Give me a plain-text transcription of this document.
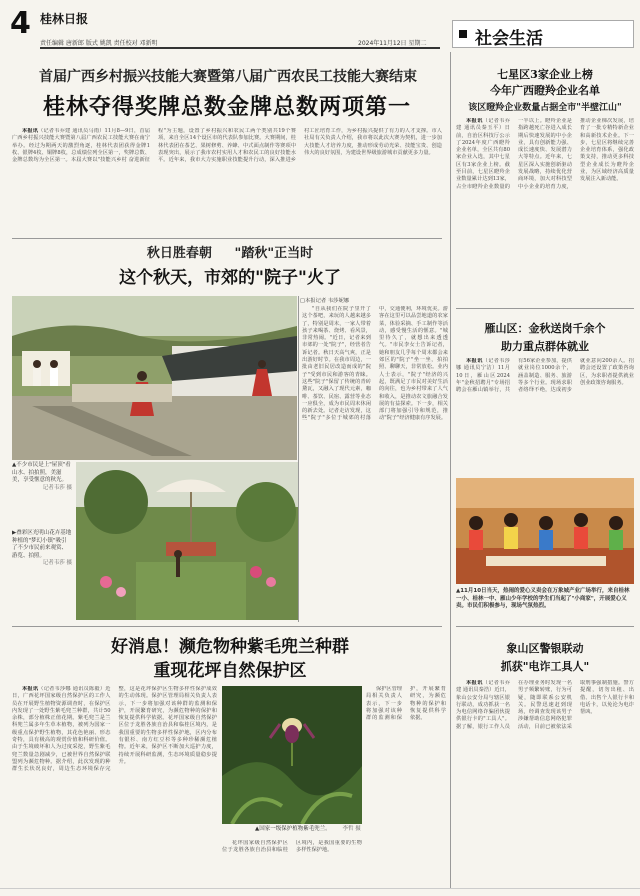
4 桂林日报
责任编辑 唐新郎 版式 姚凯 责任校对 邓新明	2024年11月12日 星期二	社会生活
首届广西乡村振兴技能大赛暨第八届广西农民工技能大赛结束
桂林夺得奖牌总数金牌总数两项第一

本报讯（记者韦乔建 通讯员马雨）11月8—9日，首届广西乡村振兴技能大赛暨第八届广西农民工技能大赛在南宁举办。经过为期两天的激烈角逐，桂林代表团获得金牌1枚、银牌4枚、铜牌8枚，总成绩位列全区第一，奖牌总数、金牌总数均为全区第一。本届大赛以"技能兴乡村 奋进新征程"为主题，设置了乡村振兴和农民工两个类别共19个赛项，来自全区14个设区市的代表队参加比赛。大赛期间，桂林代表团在茶艺、果树修剪、养蜂、中式面点制作等赛项中表现突出，展示了我市农村实用人才和农民工的良好技能水平。近年来，我市大力实施职业技能提升行动，深入推进乡村工匠培育工作，为乡村振兴提供了有力的人才支撑。市人社局有关负责人介绍，我市将以此次大赛为契机，进一步加大技能人才培养力度，推动形成劳动光荣、技能宝贵、创造伟大的良好氛围，为建设世界级旅游城市贡献更多力量。

秋日胜春朝 "踏秋"正当时
这个秋天，市郊的"院子"火了
▲不少市民是上"屋顶"看山水、拍拍照，美滋美，享受惬意的秋光。
记者韦莎 摄
▶叠彩区光明山花卉基地种植的"梦幻小镇"吸引了不少市民前来观赏、游览、拍照。
记者韦莎 摄
□本报记者 韦莎妮娜

"自从我们在院子里开了这个茶吧，来玩的人越来越多了，特别是周末，一家人带着孩子来喝茶、烧烤、看风景，非常热闹。"近日，记者来到市郊的一处"院子"，经营者告诉记者。秋日天高气爽，正是出游好时节。在我市周边，一批由老旧民居改造而成的"院子"受到市民和游客的青睐。这些"院子"保留了传统的青砖黛瓦，又融入了现代元素，咖啡、茶饮、民宿、露营等业态一应俱全，成为市民周末休闲的新去处。记者走访发现，这些"院子"多位于城郊的村落中，交通便利，环境优美。游客在这里可以品尝地道的农家菜，体验采摘、手工制作等活动，感受慢生活的惬意。"城里待久了，就想出来透透气。"市民李女士告诉记者，她和朋友几乎每个周末都会来郊区的"院子"坐一坐，拍拍照、聊聊天，非常放松。业内人士表示，"院子"经济的兴起，既满足了市民对美好生活的向往，也为乡村带来了人气和收入，是推动农文旅融合发展的有益探索。下一步，相关部门将加强引导和规范，推动"院子"经济健康有序发展。

好消息！濒危物种紫毛兜兰种群
重现花坪自然保护区

本报讯（记者韦莎娜 通讯员陈毅）近日，广西花坪国家级自然保护区的工作人员在开展野生植物资源调查时，在保护区内发现了一处野生紫毛兜兰种群，共计50余株，部分植株正值花期。紫毛兜兰是兰科兜兰属多年生草本植物，被列为国家一级重点保护野生植物，其花色艳丽、形态奇特，具有极高的观赏价值和科研价值。由于生境破坏和人为过度采挖，野生紫毛兜兰数量急剧减少，已被世界自然保护联盟列为濒危物种。据介绍，此次发现的种群生长状况良好，周边生态环境保存完整，这是花坪保护区生物多样性保护成效的生动体现。保护区管理局相关负责人表示，下一步将加强对该种群的监测和保护，开展繁育研究，为濒危物种的保护和恢复提供科学依据。花坪国家级自然保护区位于龙胜各族自治县和临桂区境内，是我国重要的生物多样性保护地，区内分布有银杉、南方红豆杉等多种珍稀濒危植物。近年来，保护区不断加大巡护力度，持续开展科研监测，生态环境质量稳步提升。

▲国家一级保护植物紫毛兜兰。 李哲 摄

保护区管理局相关负责人表示，下一步将加强对该种群的监测和保护，开展繁育研究，为濒危物种的保护和恢复提供科学依据。

花坪国家级自然保护区位于龙胜各族自治县和临桂区境内，是我国重要的生物多样性保护地。

七星区3家企业上榜
今年广西瞪羚企业名单
该区瞪羚企业数量占据全市"半壁江山"

本报讯（记者韦乔建 通讯员秦玉平）日前，自治区科技厅公示了2024年度广西瞪羚企业名单，全区共有80家企业入选，其中七星区有3家企业上榜。截至目前，七星区瞪羚企业数量累计达到13家，占全市瞪羚企业数量的一半以上。瞪羚企业是指跨越死亡谷进入成长期后快速发展的中小企业，具有创新能力强、成长速度快、发展潜力大等特点。近年来，七星区深入实施创新驱动发展战略，持续优化营商环境，加大对科技型中小企业的培育力度，推动企业梯次发展，培育了一批专精特新企业和高新技术企业。下一步，七星区将继续完善企业培育体系，强化政策支持，推动更多科技型企业成长为瞪羚企业，为区域经济高质量发展注入新动能。

雁山区：金秋送岗千余个
助力重点群体就业

本报讯（记者韦莎娜 通讯员宁洁）11月10日，雁山区2024年"金秋招聘月"专场招聘会在雁山镇举行，共有56家企业参加，提供就业岗位1000余个，涵盖制造、服务、旅游等多个行业。现场求职者络绎不绝，达成初步就业意向200余人。招聘会还设置了政策咨询区，为求职者提供就业创业政策咨询服务。

▲11月10日当天，热闹的爱心义卖会在万象城产业广场举行，来自桂林一小、桂林一中、雁山少年学校的学生们当起了"小商家"，开展爱心义卖。市民们积极参与，现场气氛热烈。
象山区警银联动
抓获"电诈工具人"

本报讯（记者韦乔建 通讯员秦浩）近日，象山公安分局与辖区银行联动，成功抓获一名为电信网络诈骗团伙提供银行卡的"工具人"。据了解，银行工作人员在办理业务时发现一名男子频繁转账，行为可疑，随即联系公安机关。民警迅速赶到现场，经调查发现该男子涉嫌帮助信息网络犯罪活动，目前已被依法采取刑事强制措施。警方提醒，切勿出租、出借、出售个人银行卡和电话卡，以免沦为电诈帮凶。
